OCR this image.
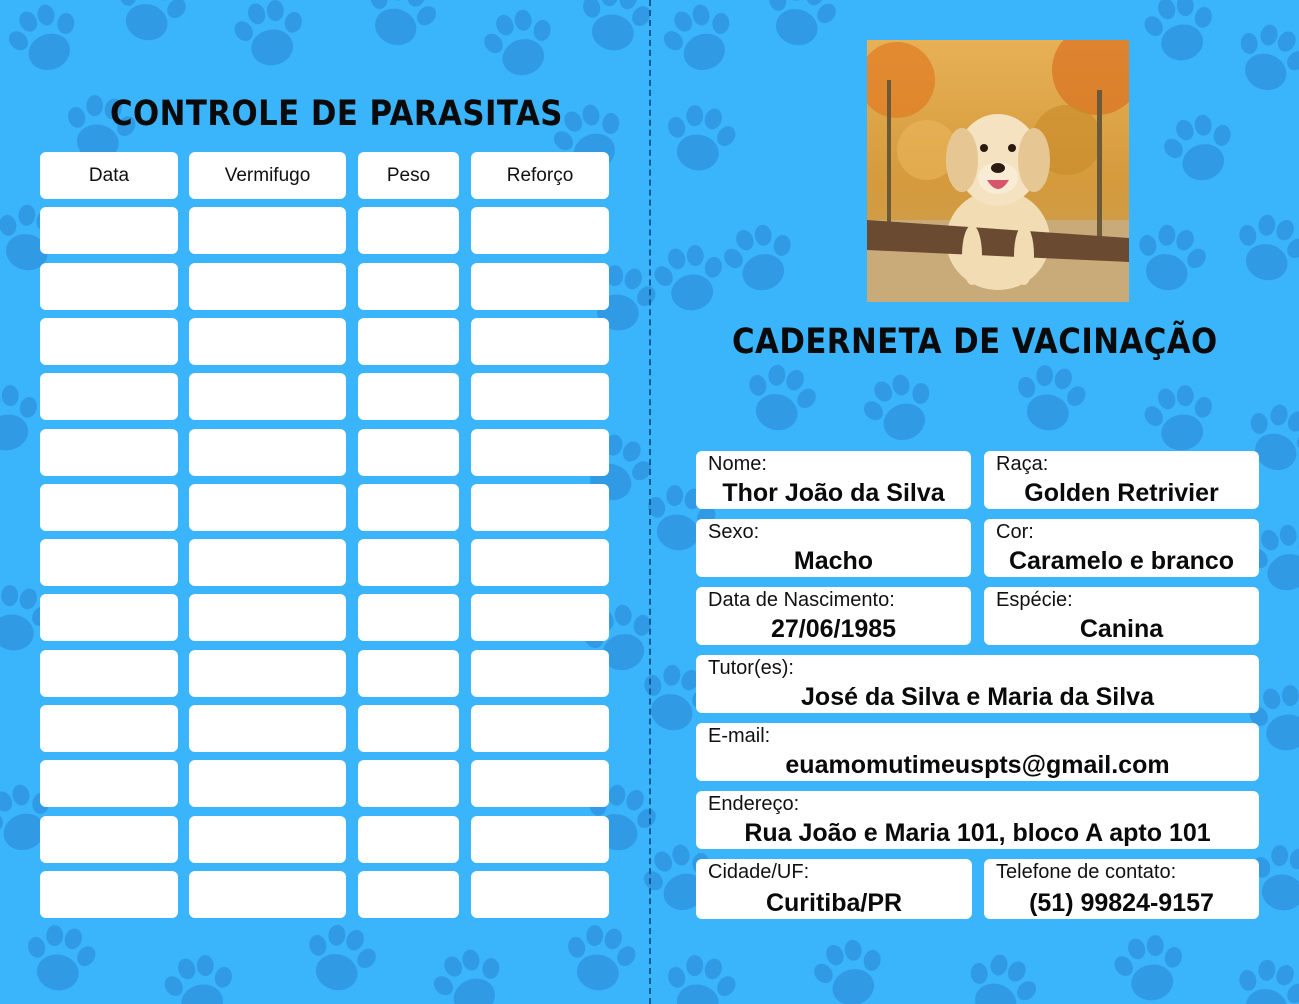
CONTROLE DE PARASITAS
Data	Vermifugo	Peso	Reforço
CADERNETA DE VACINAÇÃO
Nome:
Thor João da Silva
Raça:
Golden Retrivier
Sexo:
Macho
Cor:
Caramelo e branco
Data de Nascimento:
27/06/1985
Espécie:
Canina
Tutor(es):
José da Silva e Maria da Silva
E-mail:
euamomutimeuspts@gmail.com
Endereço:
Rua João e Maria 101, bloco A apto 101
Cidade/UF:
Curitiba/PR
Telefone de contato:
(51) 99824-9157
